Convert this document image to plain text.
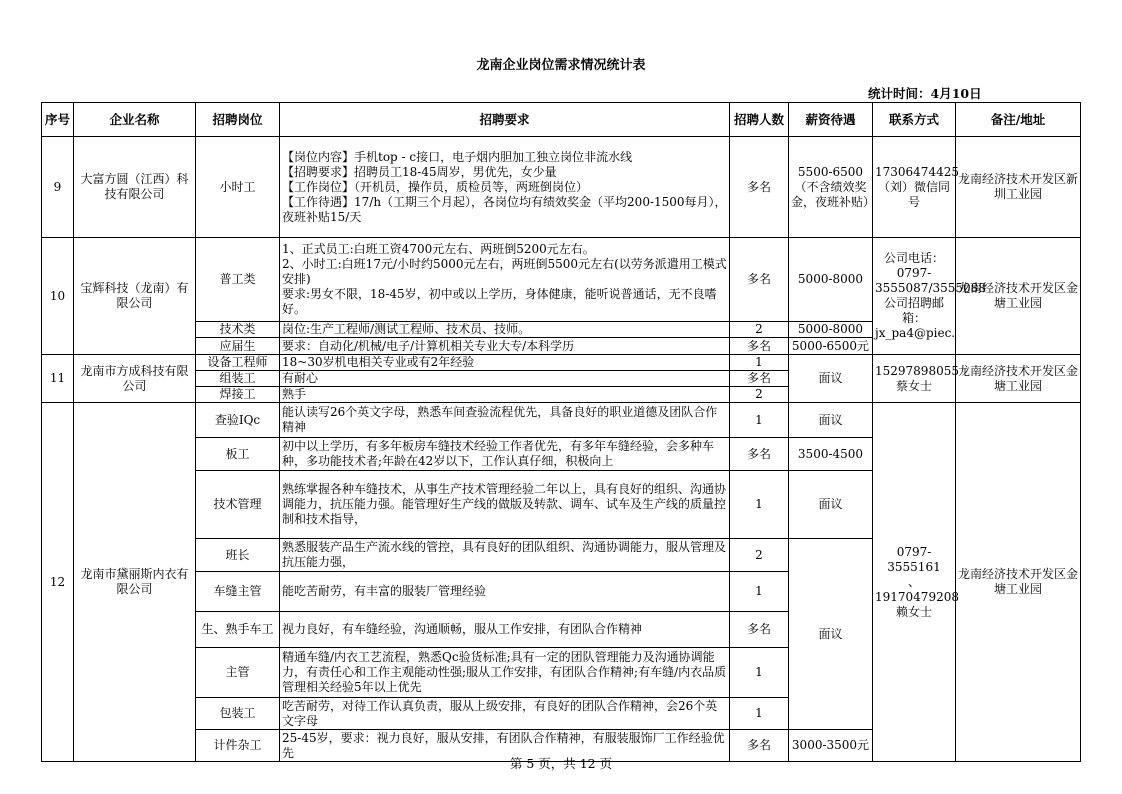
龙南企业岗位需求情况统计表
统计时间：4月10日
序号	企业名称	招聘岗位	招聘要求	招聘人数	薪资待遇	联系方式	备注/地址
9	大富方圆（江西）科技有限公司	小时工	【岗位内容】手机top - c接口，电子烟内胆加工独立岗位非流水线
【招聘要求】招聘员工18-45周岁，男优先，女少量
【工作岗位】（开机员，操作员，质检员等，两班倒岗位）
【工作待遇】17/h（工期三个月起），各岗位均有绩效奖金（平均200-1500每月），夜班补贴15/天	多名	5500-6500（不含绩效奖金，夜班补贴）	17306474425（刘）微信同号	龙南经济技术开发区新圳工业园
10	宝辉科技（龙南）有限公司	普工类	1、正式员工:白班工资4700元左右、两班倒5200元左右。
2、小时工:白班17元/小时约5000元左右，两班倒5500元左右(以劳务派遣用工模式安排)
要求:男女不限，18-45岁，初中或以上学历，身体健康，能听说普通话，无不良嗜好。	多名	5000-8000	公司电话：0797-3555087/3555088
公司招聘邮箱：
jx_pa4@piec.	龙南经济技术开发区金塘工业园
		技术类	岗位:生产工程师/测试工程师、技术员、技师。	2	5000-8000		
		应届生	要求：自动化/机械/电子/计算机相关专业大专/本科学历	多名	5000-6500元		
11	龙南市方成科技有限公司	设备工程师	18~30岁机电相关专业或有2年经验	1	面议	15297898055蔡女士	龙南经济技术开发区金塘工业园
		组装工	有耐心	多名			
		焊接工	熟手	2			
12	龙南市黛丽斯内衣有限公司	查验IQc	能认读写26个英文字母，熟悉车间查验流程优先，具备良好的职业道德及团队合作精神	1	面议	0797-3555161
、
19170479208
赖女士	龙南经济技术开发区金塘工业园
		板工	初中以上学历，有多年板房车缝技术经验工作者优先，有多年车缝经验，会多种车种，多功能技术者;年龄在42岁以下，工作认真仔细，积极向上	多名	3500-4500		
		技术管理	熟练掌握各种车缝技术，从事生产技术管理经验二年以上，具有良好的组织、沟通协调能力，抗压能力强。能管理好生产线的做版及转款、调车、试车及生产线的质量控制和技术指导，	1	面议		
		班长	熟悉服装产品生产流水线的管控，具有良好的团队组织、沟通协调能力，服从管理及抗压能力强，	2	面议		
		车缝主管	能吃苦耐劳，有丰富的服装厂管理经验	1			
		生、熟手车工	视力良好，有车缝经验，沟通顺畅，服从工作安排，有团队合作精神	多名			
		主管	精通车缝/内衣工艺流程，熟悉Qc验货标准;具有一定的团队管理能力及沟通协调能力，有责任心和工作主观能动性强;服从工作安排，有团队合作精神;有车缝/内衣品质管理相关经验5年以上优先	1			
		包装工	吃苦耐劳，对待工作认真负责，服从上级安排，有良好的团队合作精神，会26个英文字母	1			
		计件杂工	25-45岁，要求：视力良好，服从安排，有团队合作精神，有服装服饰厂工作经验优先	多名	3000-3500元		
第 5 页，共 12 页
